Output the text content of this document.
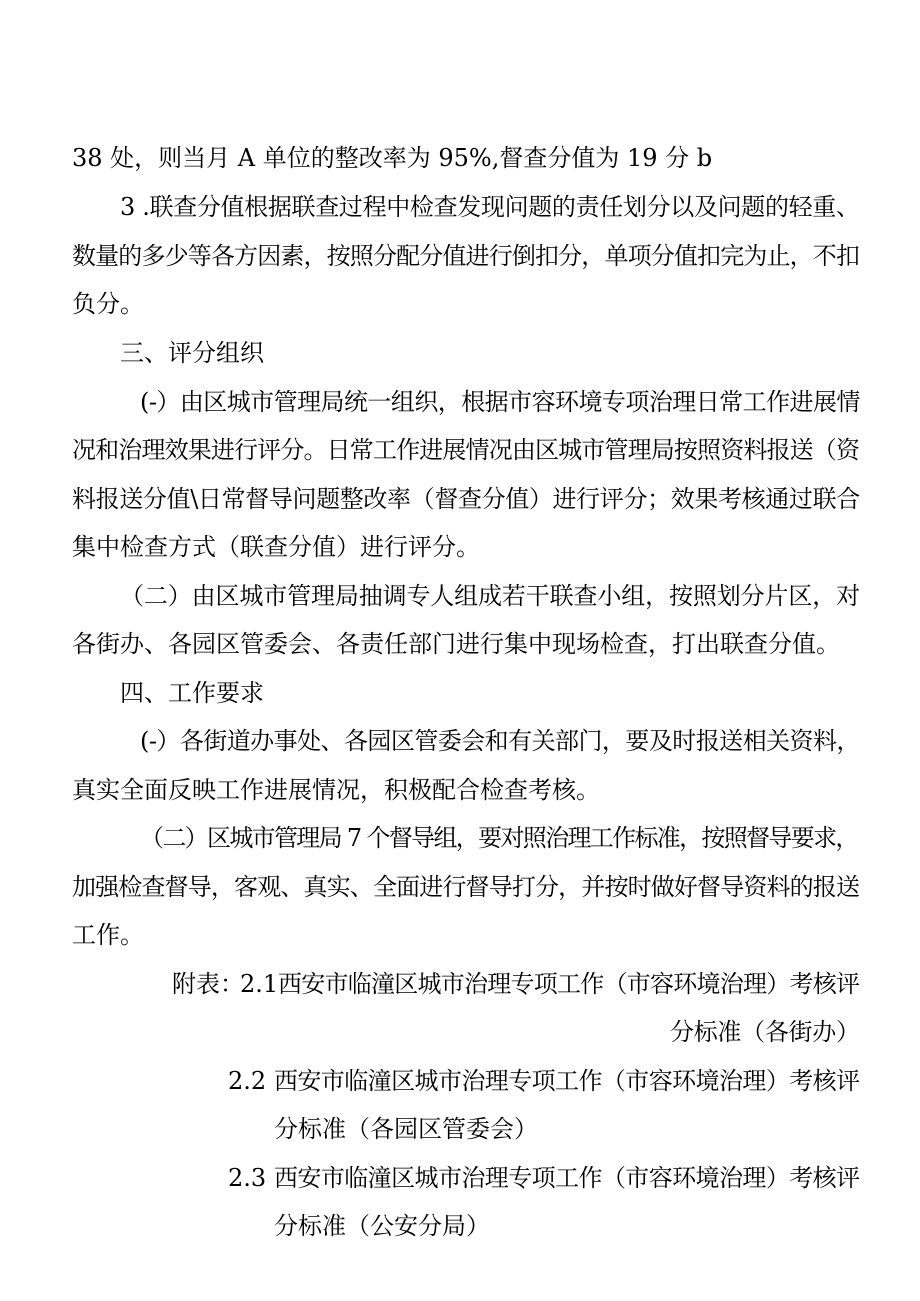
38 处，则当月 A 单位的整改率为 95%,督查分值为 19 分 b
3 .联查分值根据联查过程中检查发现问题的责任划分以及问题的轻重、
数量的多少等各方因素，按照分配分值进行倒扣分，单项分值扣完为止，不扣
负分。
三、评分组织
(-）由区城市管理局统一组织，根据市容环境专项治理日常工作进展情
况和治理效果进行评分。日常工作进展情况由区城市管理局按照资料报送（资
料报送分值\日常督导问题整改率（督查分值）进行评分；效果考核通过联合
集中检查方式（联查分值）进行评分。
（二）由区城市管理局抽调专人组成若干联查小组，按照划分片区，对
各街办、各园区管委会、各责任部门进行集中现场检查，打出联查分值。
四、工作要求
(-）各街道办事处、各园区管委会和有关部门，要及时报送相关资料，
真实全面反映工作进展情况，积极配合检查考核。
（二）区城市管理局 7 个督导组，要对照治理工作标准，按照督导要求，
加强检查督导，客观、真实、全面进行督导打分，并按时做好督导资料的报送
工作。
附表：
2.1 西安市临潼区城市治理专项工作（市容环境治理）考核评
分标准（各街办）
2.2 西安市临潼区城市治理专项工作（市容环境治理）考核评
分标准（各园区管委会）
2.3 西安市临潼区城市治理专项工作（市容环境治理）考核评
分标准（公安分局）
